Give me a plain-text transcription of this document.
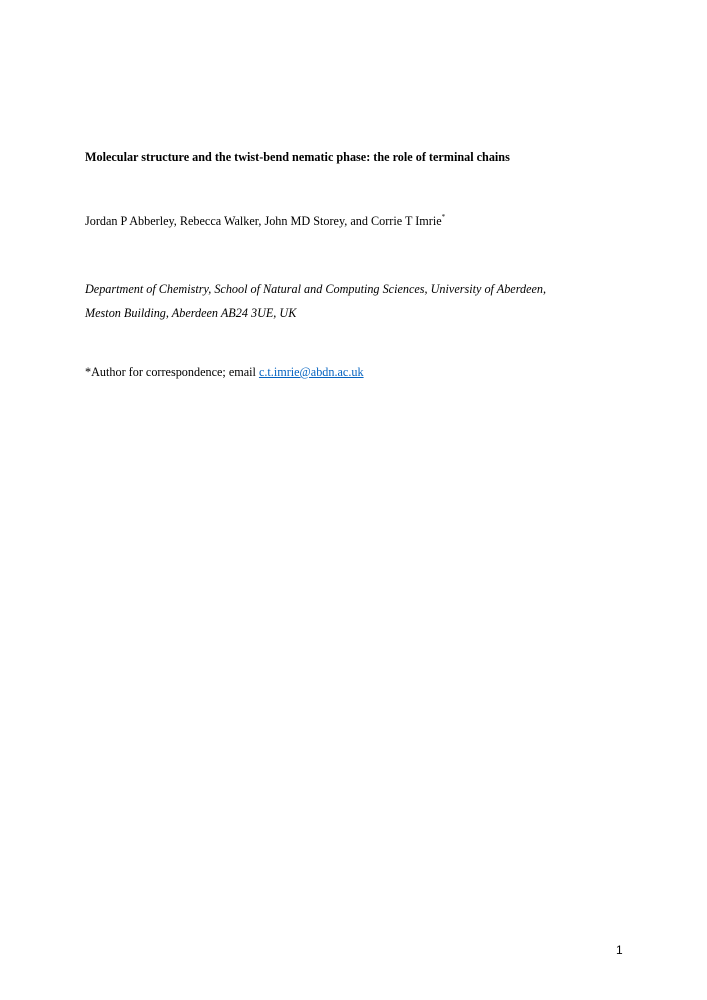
Molecular structure and the twist-bend nematic phase: the role of terminal chains
Jordan P Abberley, Rebecca Walker, John MD Storey, and Corrie T Imrie*
Department of Chemistry, School of Natural and Computing Sciences, University of Aberdeen,
Meston Building, Aberdeen AB24 3UE, UK
*Author for correspondence; email c.t.imrie@abdn.ac.uk
1
